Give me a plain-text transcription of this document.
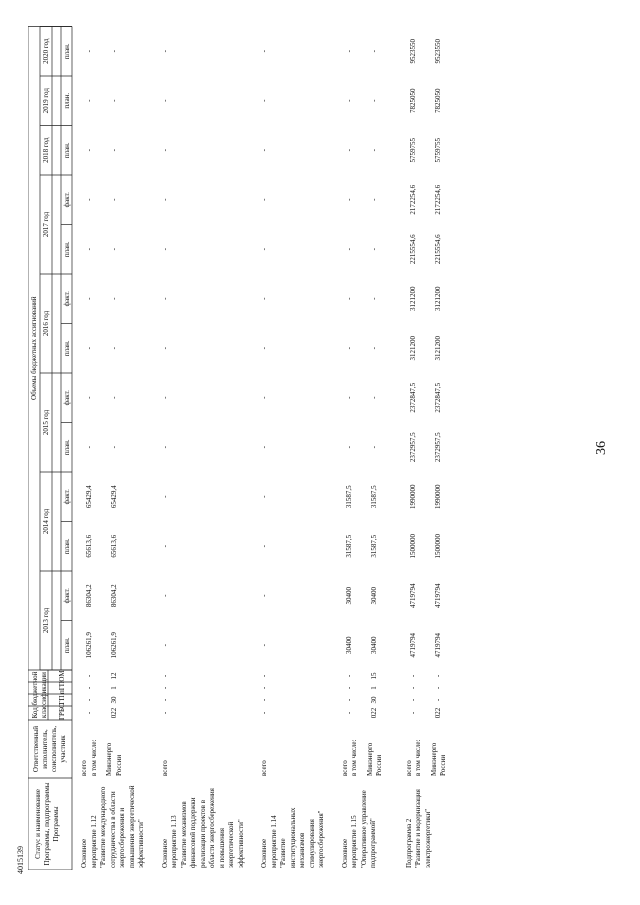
4015139
36
Статус и наименование Программы, подпрограммы Программы
Ответственный исполнитель, соисполнитель, участник
Код бюджетной классификации ГРБС
ГП
пГП
ОМ
Объемы бюджетных ассигнований
2013 год
2014 год
2015 год
2016 год
2017 год
2018 год
2019 год
2020 год
план.
факт.
план.
факт.
план.
факт.
план.
факт.
план.
факт.
план.
план.
план.
Основное мероприятие 1.12 "Развитие международного сотрудничества в области энергосбережения и повышения энергетической эффективности"
всего в том числе:
-
-
-
-
106261,9
86304,2
65613,6
65429,4
-
-
-
-
-
-
-
-
-
Минэнерго России
022
30
1
12
106261,9
86304,2
65613,6
65429,4
-
-
-
-
-
-
-
-
-
Основное мероприятие 1.13 "Развитие механизмов финансовой поддержки реализации проектов в области энергосбережения и повышения энергетической эффективности"
всего
-
-
-
-
-
-
-
-
-
-
-
-
-
-
-
-
-
Основное мероприятие 1.14 "Развитие институциональных механизмов стимулирования энергосбережения"
всего
-
-
-
-
-
-
-
-
-
-
-
-
-
-
-
-
-
Основное мероприятие 1.15 "Оперативное управление подпрограммой"
всего в том числе:
-
-
-
-
30400
30400
31587,5
31587,5
-
-
-
-
-
-
-
-
-
Минэнерго России
022
30
1
15
30400
30400
31587,5
31587,5
-
-
-
-
-
-
-
-
-
Подпрограмма 2 "Развитие и модернизация электроэнергетики"
всего в том числе:
-
-
-
-
4719794
4719794
1500000
1990000
2372957,5
2372847,5
3121200
3121200
2215554,6
2172254,6
5759755
7825050
9523550
Минэнерго России
022
-
-
-
4719794
4719794
1500000
1990000
2372957,5
2372847,5
3121200
3121200
2215554,6
2172254,6
5759755
7825050
9523550
